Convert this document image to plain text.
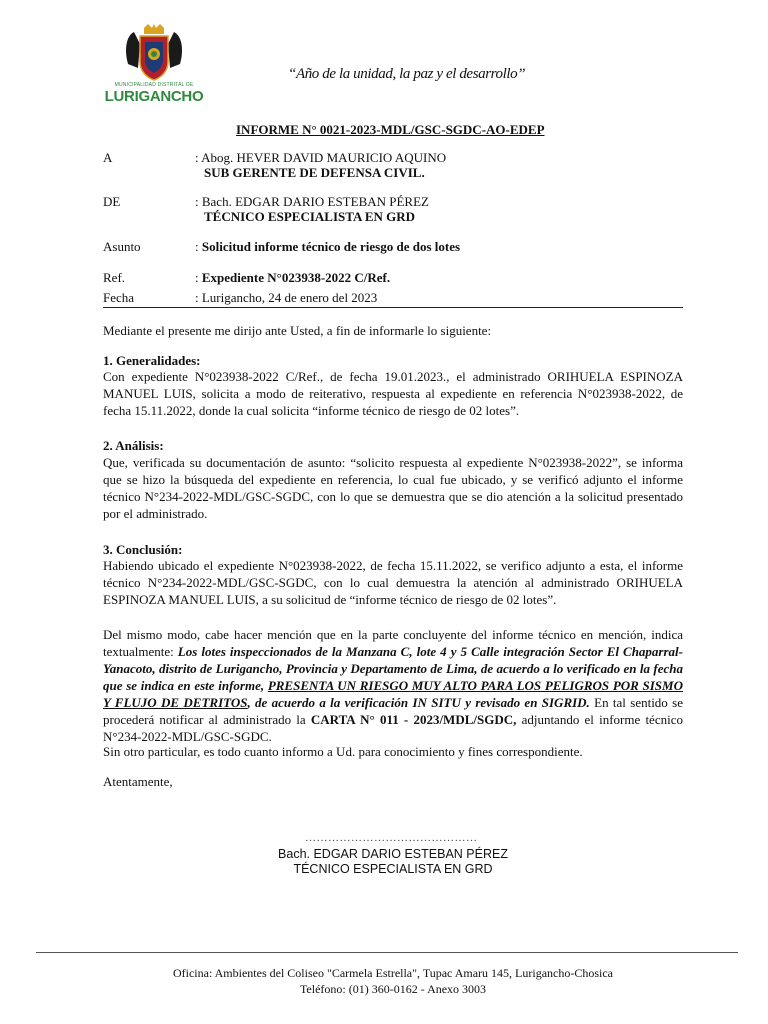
MUNICIPALIDAD DISTRITAL DE
LURIGANCHO
“Año de la unidad, la paz y el desarrollo”
INFORME N° 0021-2023-MDL/GSC-SGDC-AO-EDEP
A	: Abog. HEVER DAVID MAURICIO AQUINO
SUB GERENTE DE DEFENSA CIVIL.
DE	: Bach. EDGAR DARIO ESTEBAN PÉREZ
TÉCNICO ESPECIALISTA EN GRD
Asunto	: Solicitud informe técnico de riesgo de dos lotes
Ref.	: Expediente N°023938-2022 C/Ref.
Fecha	: Lurigancho, 24 de enero del 2023
Mediante el presente me dirijo ante Usted, a fin de informarle lo siguiente:
1. Generalidades:
Con expediente N°023938-2022 C/Ref., de fecha 19.01.2023., el administrado ORIHUELA ESPINOZA MANUEL LUIS, solicita a modo de reiterativo, respuesta al expediente en referencia N°023938-2022, de fecha 15.11.2022, donde la cual solicita “informe técnico de riesgo de 02 lotes”.
2. Análisis:
Que, verificada su documentación de asunto: “solicito respuesta al expediente N°023938-2022”, se informa que se hizo la búsqueda del expediente en referencia, lo cual fue ubicado, y se verificó adjunto el informe técnico N°234-2022-MDL/GSC-SGDC, con lo que se demuestra que se dio atención a la solicitud presentado por el administrado.
3. Conclusión:
Habiendo ubicado el expediente N°023938-2022, de fecha 15.11.2022, se verifico adjunto a esta, el informe técnico N°234-2022-MDL/GSC-SGDC, con lo cual demuestra la atención al administrado ORIHUELA ESPINOZA MANUEL LUIS, a su solicitud de “informe técnico de riesgo de 02 lotes”.
Del mismo modo, cabe hacer mención que en la parte concluyente del informe técnico en mención, indica textualmente: Los lotes inspeccionados de la Manzana C, lote 4 y 5 Calle integración Sector El Chaparral-Yanacoto, distrito de Lurigancho, Provincia y Departamento de Lima, de acuerdo a lo verificado en la fecha que se indica en este informe, PRESENTA UN RIESGO MUY ALTO PARA LOS PELIGROS POR SISMO Y FLUJO DE DETRITOS, de acuerdo a la verificación IN SITU y revisado en SIGRID. En tal sentido se procederá notificar al administrado la CARTA N° 011 - 2023/MDL/SGDC, adjuntando el informe técnico N°234-2022-MDL/GSC-SGDC.
Sin otro particular, es todo cuanto informo a Ud. para conocimiento y fines correspondiente.
Atentamente,
………………………………………
Bach. EDGAR DARIO ESTEBAN PÉREZ
TÉCNICO ESPECIALISTA EN GRD
Oficina: Ambientes del Coliseo "Carmela Estrella", Tupac Amaru 145, Lurigancho-Chosica
Teléfono: (01) 360-0162 - Anexo 3003
